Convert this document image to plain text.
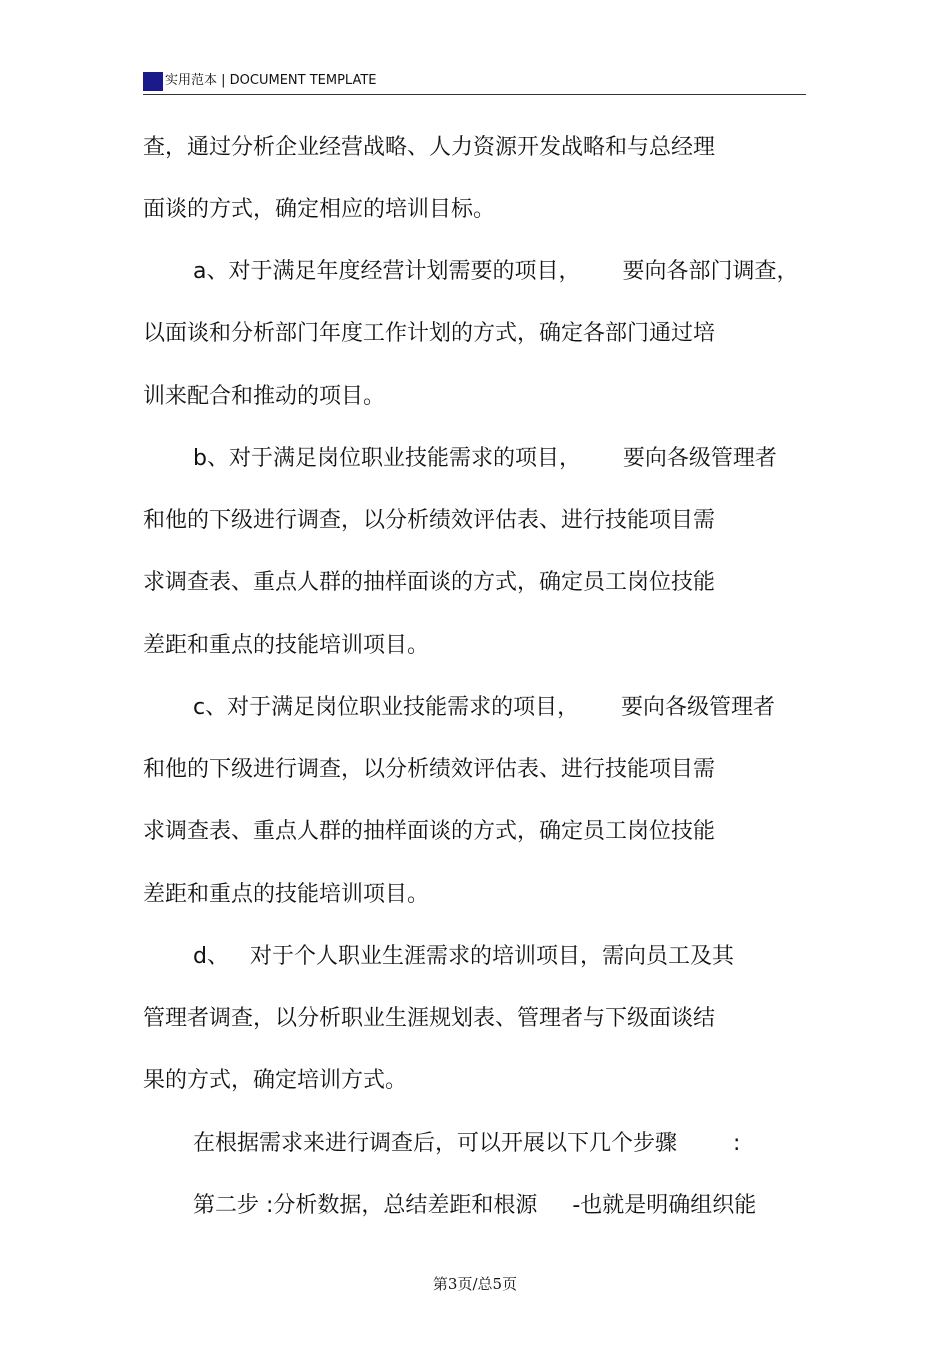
实用范本 | DOCUMENT TEMPLATE
查，通过分析企业经营战略、人力资源开发战略和与总经理
面谈的方式，确定相应的培训目标。
a、对于满足年度经营计划需要的项目，      要向各部门调查，
以面谈和分析部门年度工作计划的方式，确定各部门通过培
训来配合和推动的项目。
b、对于满足岗位职业技能需求的项目，      要向各级管理者
和他的下级进行调查，以分析绩效评估表、进行技能项目需
求调查表、重点人群的抽样面谈的方式，确定员工岗位技能
差距和重点的技能培训项目。
c、对于满足岗位职业技能需求的项目，      要向各级管理者
和他的下级进行调查，以分析绩效评估表、进行技能项目需
求调查表、重点人群的抽样面谈的方式，确定员工岗位技能
差距和重点的技能培训项目。
d、   对于个人职业生涯需求的培训项目，需向员工及其
管理者调查，以分析职业生涯规划表、管理者与下级面谈结
果的方式，确定培训方式。
在根据需求来进行调查后，可以开展以下几个步骤        :
第二步 :分析数据，总结差距和根源     -也就是明确组织能
第3页/总5页
